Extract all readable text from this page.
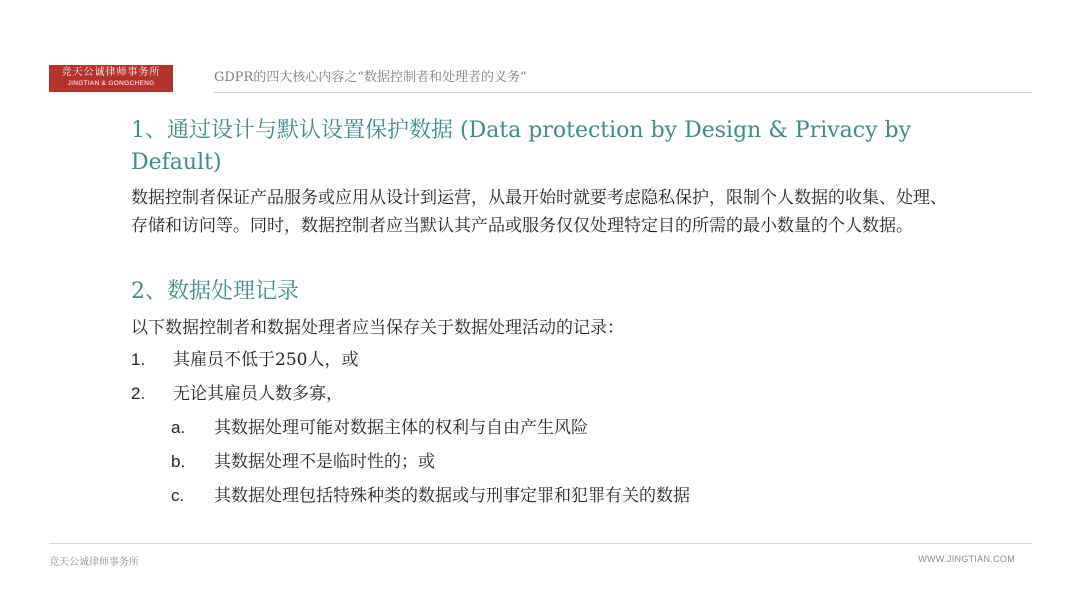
竞天公诚律师事务所
JINGTIAN & GONGCHENG	GDPR的四大核心内容之“数据控制者和处理者的义务”
1、通过设计与默认设置保护数据 (Data protection by Design & Privacy by Default)
数据控制者保证产品服务或应用从设计到运营，从最开始时就要考虑隐私保护，限制个人数据的收集、处理、存储和访问等。同时，数据控制者应当默认其产品或服务仅仅处理特定目的所需的最小数量的个人数据。
2、数据处理记录
以下数据控制者和数据处理者应当保存关于数据处理活动的记录：
1. 其雇员不低于250人，或
2. 无论其雇员人数多寡，
a. 其数据处理可能对数据主体的权利与自由产生风险
b. 其数据处理不是临时性的；或
c. 其数据处理包括特殊种类的数据或与刑事定罪和犯罪有关的数据
竞天公诚律师事务所	WWW.JINGTIAN.COM
